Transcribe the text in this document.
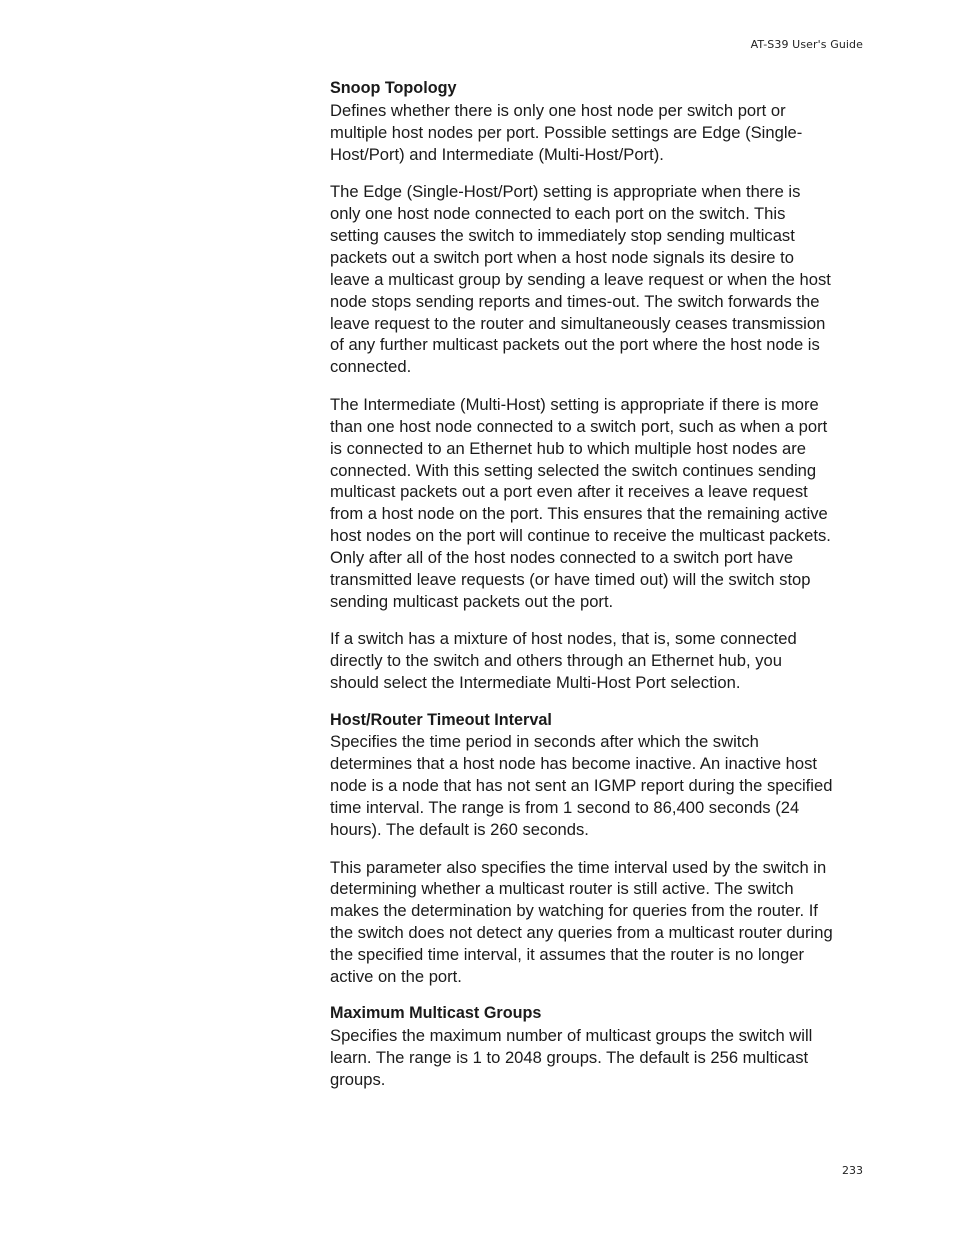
AT-S39 User's Guide

Snoop Topology
Defines whether there is only one host node per switch port or multiple host nodes per port. Possible settings are Edge (Single-Host/Port) and Intermediate (Multi-Host/Port).

The Edge (Single-Host/Port) setting is appropriate when there is only one host node connected to each port on the switch. This setting causes the switch to immediately stop sending multicast packets out a switch port when a host node signals its desire to leave a multicast group by sending a leave request or when the host node stops sending reports and times-out. The switch forwards the leave request to the router and simultaneously ceases transmission of any further multicast packets out the port where the host node is connected.

The Intermediate (Multi-Host) setting is appropriate if there is more than one host node connected to a switch port, such as when a port is connected to an Ethernet hub to which multiple host nodes are connected. With this setting selected the switch continues sending multicast packets out a port even after it receives a leave request from a host node on the port. This ensures that the remaining active host nodes on the port will continue to receive the multicast packets. Only after all of the host nodes connected to a switch port have transmitted leave requests (or have timed out) will the switch stop sending multicast packets out the port.

If a switch has a mixture of host nodes, that is, some connected directly to the switch and others through an Ethernet hub, you should select the Intermediate Multi-Host Port selection.

Host/Router Timeout Interval
Specifies the time period in seconds after which the switch determines that a host node has become inactive. An inactive host node is a node that has not sent an IGMP report during the specified time interval. The range is from 1 second to 86,400 seconds (24 hours). The default is 260 seconds.

This parameter also specifies the time interval used by the switch in determining whether a multicast router is still active. The switch makes the determination by watching for queries from the router. If the switch does not detect any queries from a multicast router during the specified time interval, it assumes that the router is no longer active on the port.

Maximum Multicast Groups
Specifies the maximum number of multicast groups the switch will learn. The range is 1 to 2048 groups. The default is 256 multicast groups.

233
